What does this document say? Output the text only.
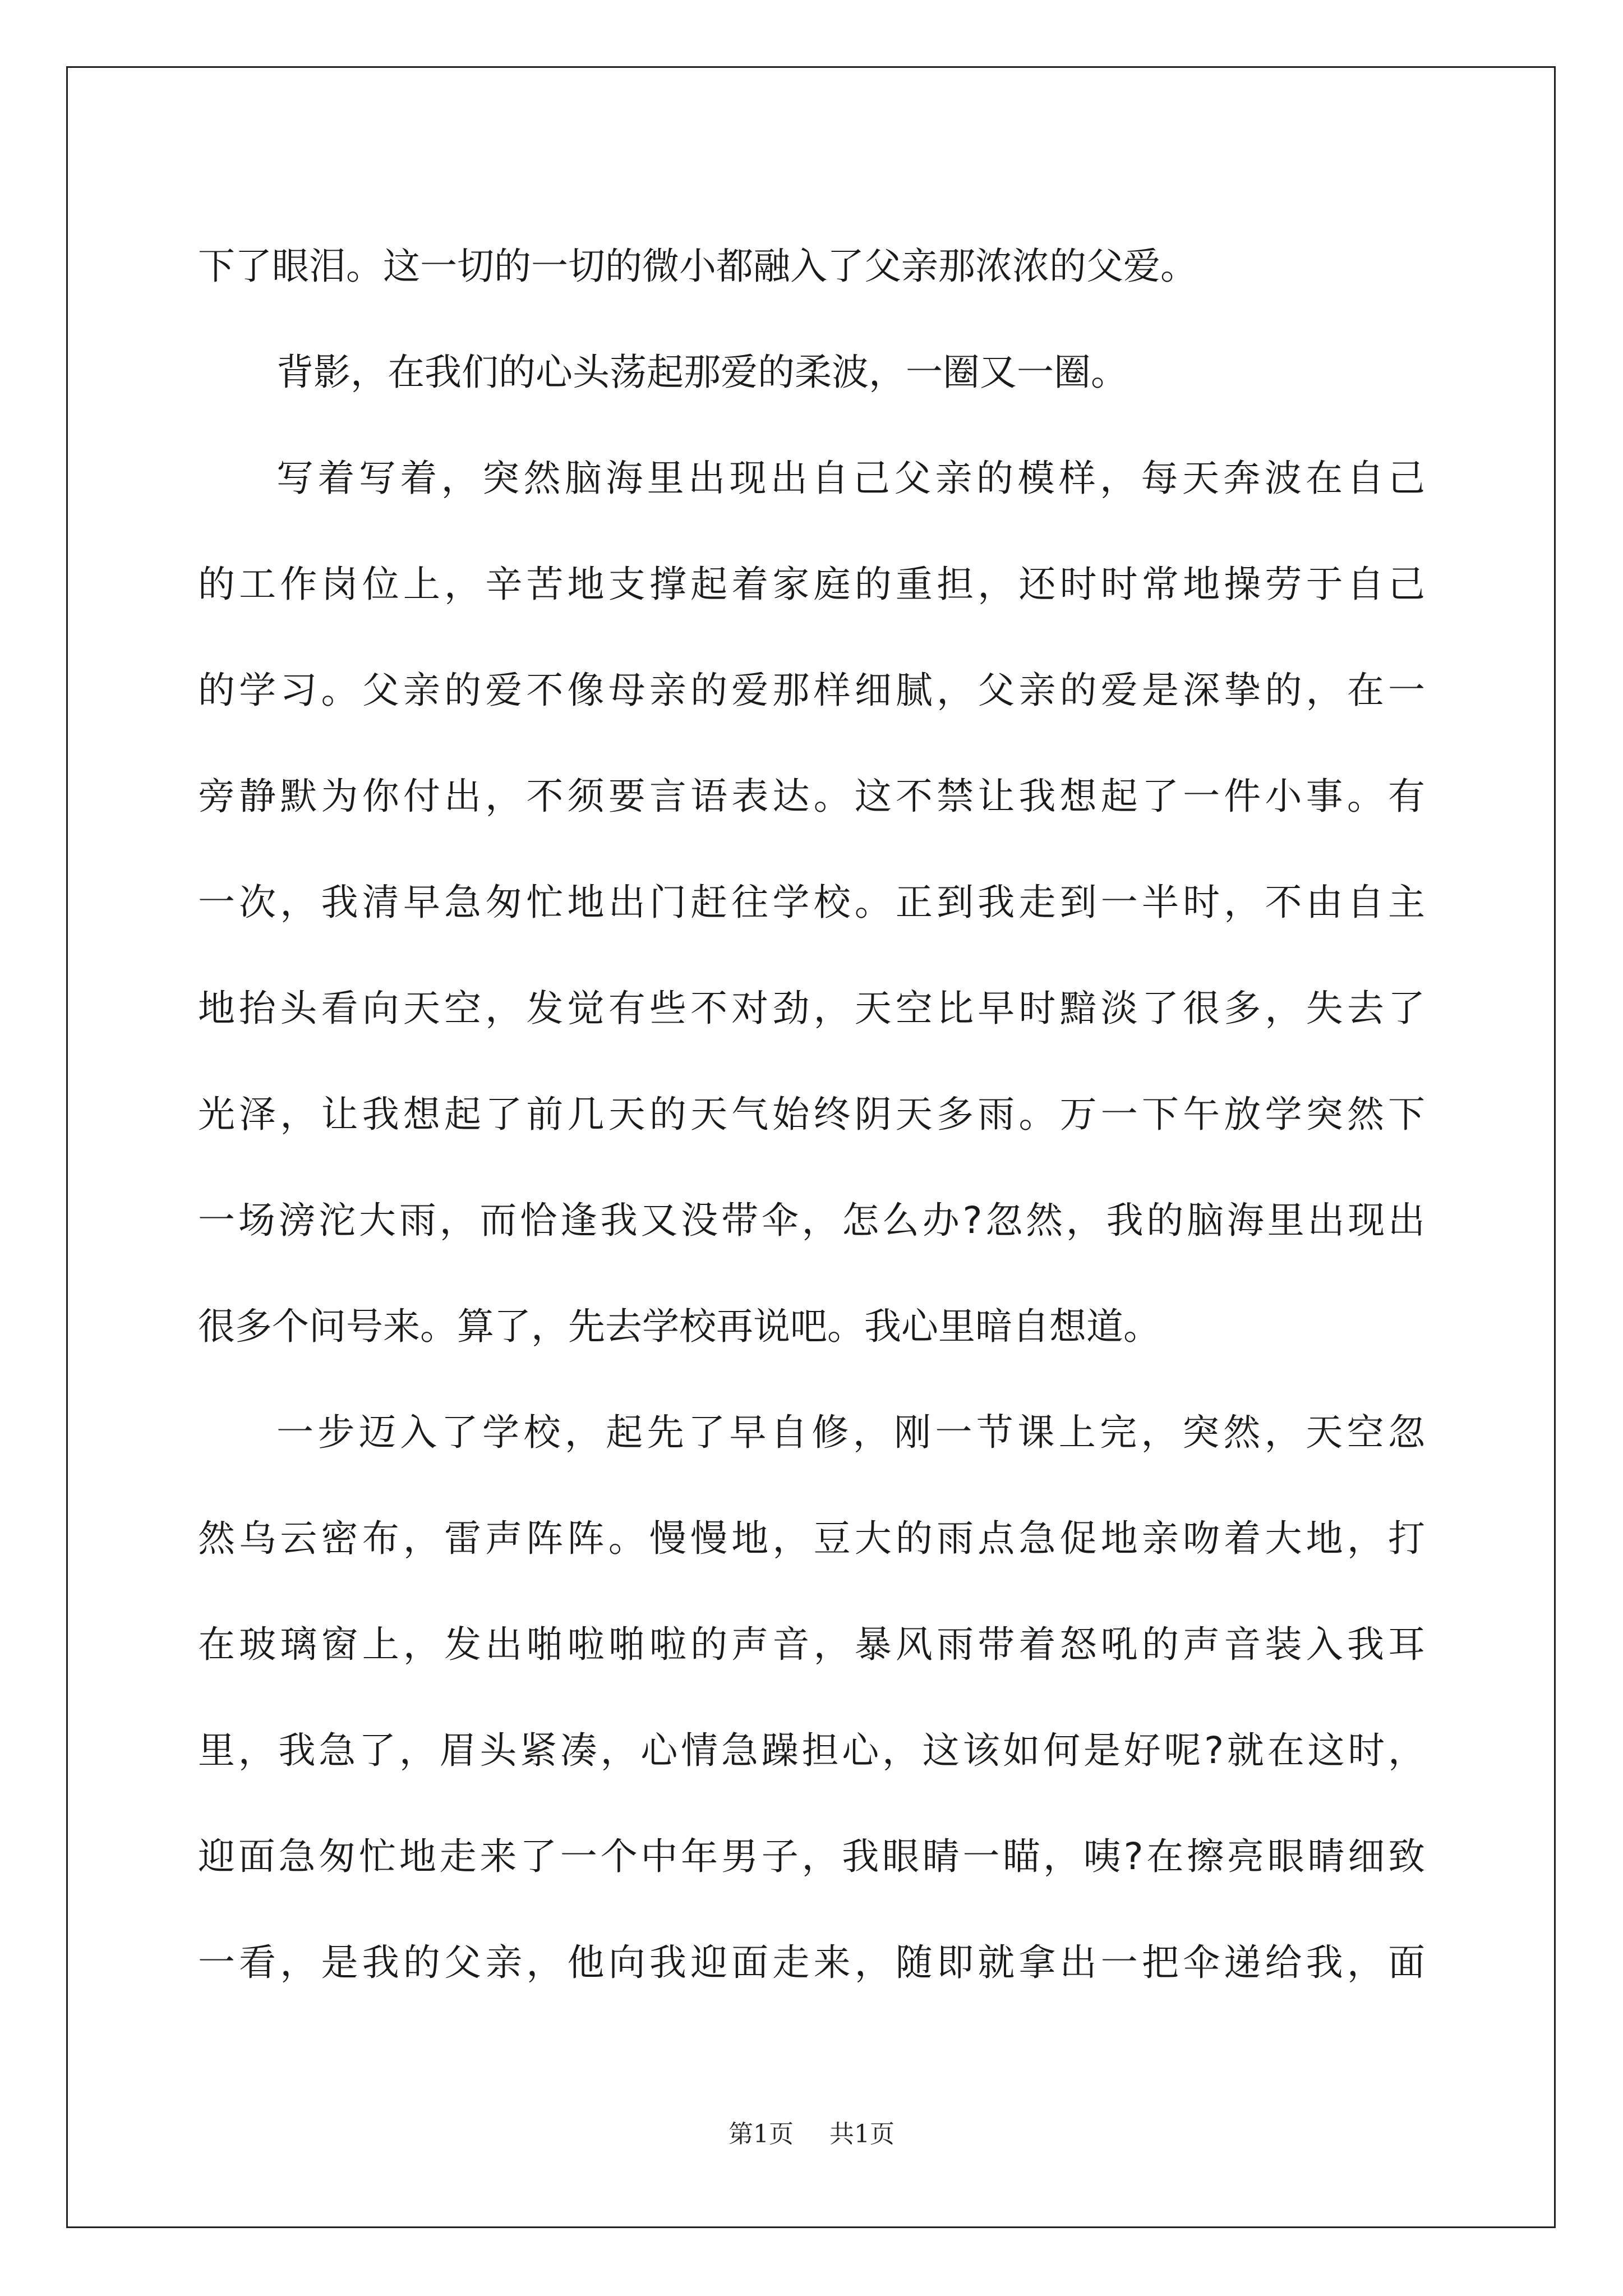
下了眼泪。这一切的一切的微小都融入了父亲那浓浓的父爱。
背影，在我们的心头荡起那爱的柔波，一圈又一圈。
写着写着，突然脑海里出现出自己父亲的模样，每天奔波在自己
的工作岗位上，辛苦地支撑起着家庭的重担，还时时常地操劳于自己
的学习。父亲的爱不像母亲的爱那样细腻，父亲的爱是深挚的，在一
旁静默为你付出，不须要言语表达。这不禁让我想起了一件小事。有
一次，我清早急匆忙地出门赶往学校。正到我走到一半时，不由自主
地抬头看向天空，发觉有些不对劲，天空比早时黯淡了很多，失去了
光泽，让我想起了前几天的天气始终阴天多雨。万一下午放学突然下
一场滂沱大雨，而恰逢我又没带伞，怎么办?忽然，我的脑海里出现出
很多个问号来。算了，先去学校再说吧。我心里暗自想道。
一步迈入了学校，起先了早自修，刚一节课上完，突然，天空忽
然乌云密布，雷声阵阵。慢慢地，豆大的雨点急促地亲吻着大地，打
在玻璃窗上，发出啪啦啪啦的声音，暴风雨带着怒吼的声音装入我耳
里，我急了，眉头紧凑，心情急躁担心，这该如何是好呢?就在这时，
迎面急匆忙地走来了一个中年男子，我眼睛一瞄，咦?在擦亮眼睛细致
一看，是我的父亲，他向我迎面走来，随即就拿出一把伞递给我，面
第1页 共1页
